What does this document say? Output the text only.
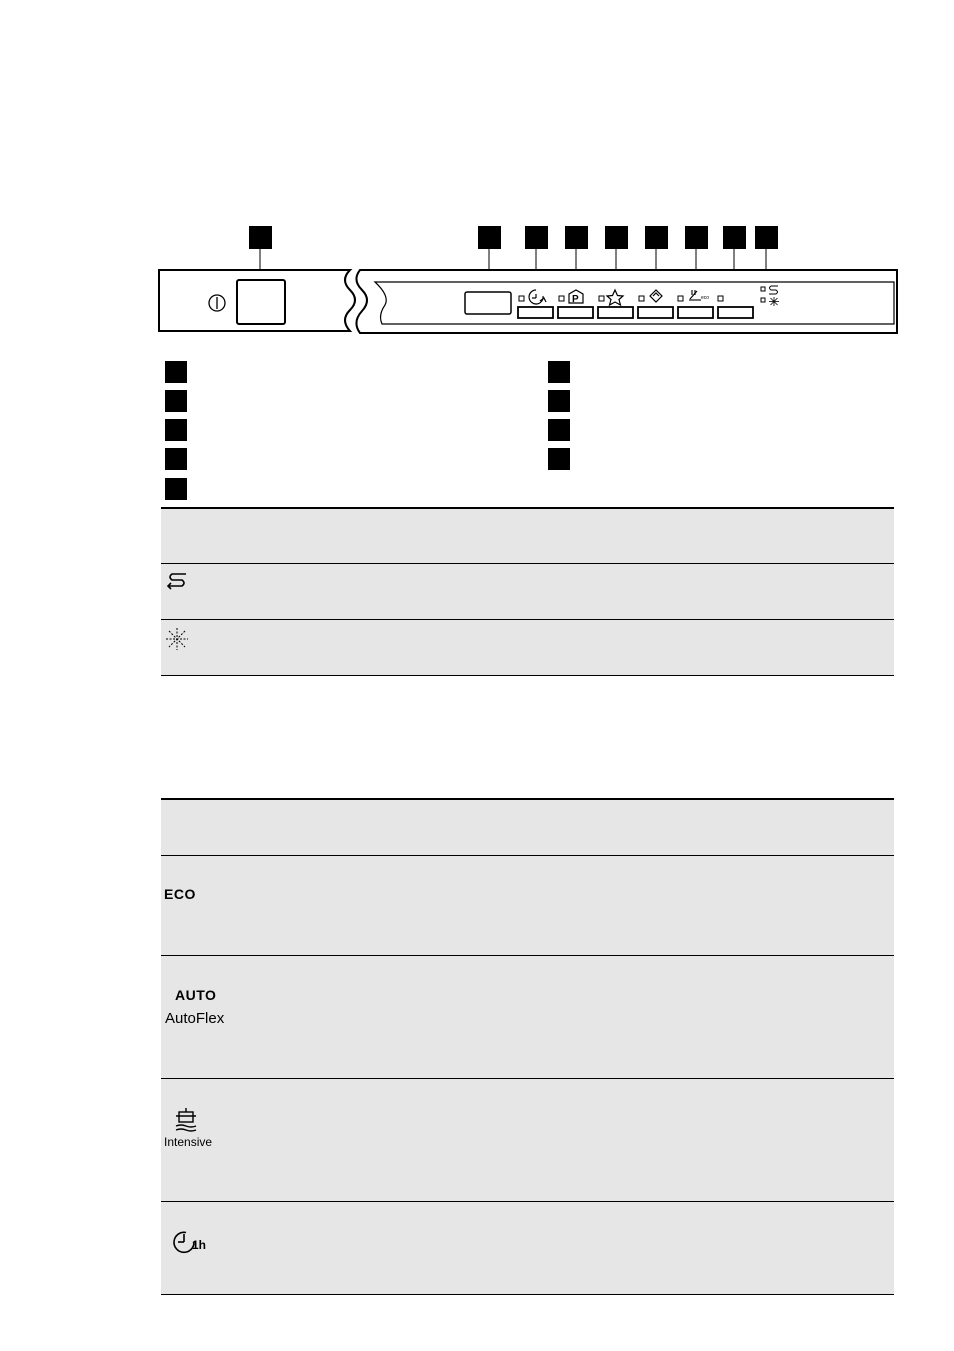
P	eco
ECO
AUTO
AutoFlex
Intensive
1h
